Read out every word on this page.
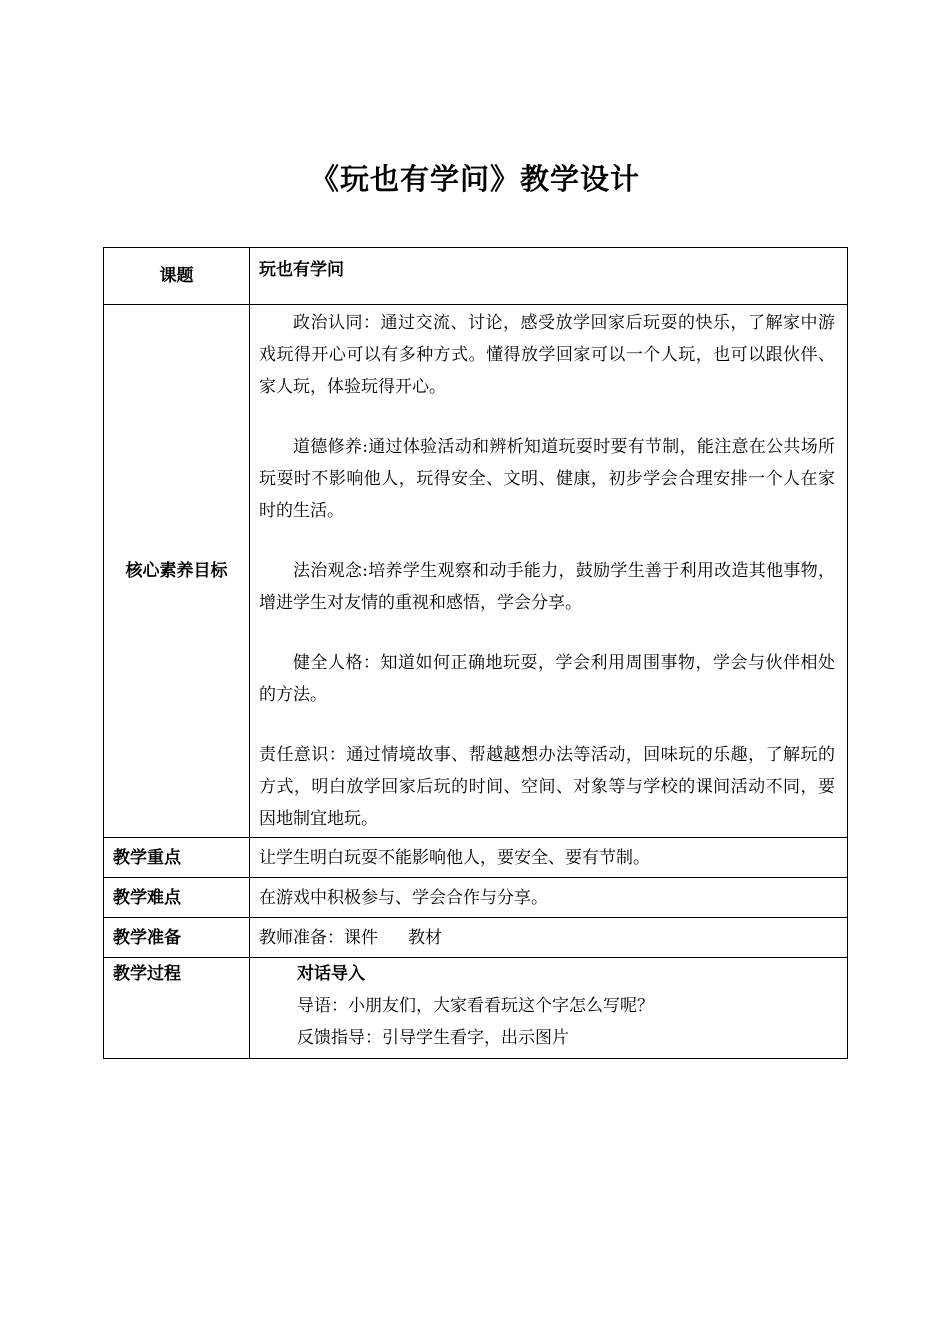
《玩也有学问》教学设计
课题	玩也有学问
核心素养目标	政治认同：通过交流、讨论，感受放学回家后玩耍的快乐，了解家中游戏玩得开心可以有多种方式。懂得放学回家可以一个人玩，也可以跟伙伴、家人玩，体验玩得开心。

道德修养:通过体验活动和辨析知道玩耍时要有节制，能注意在公共场所玩耍时不影响他人，玩得安全、文明、健康，初步学会合理安排一个人在家时的生活。

法治观念:培养学生观察和动手能力，鼓励学生善于利用改造其他事物，增进学生对友情的重视和感悟，学会分享。

健全人格：知道如何正确地玩耍，学会利用周围事物，学会与伙伴相处的方法。

责任意识：通过情境故事、帮越越想办法等活动，回味玩的乐趣，了解玩的方式，明白放学回家后玩的时间、空间、对象等与学校的课间活动不同，要因地制宜地玩。

教学重点	让学生明白玩耍不能影响他人，要安全、要有节制。
教学难点	在游戏中积极参与、学会合作与分享。
教学准备	教师准备：课件 教材
教学过程	对话导入
导语：小朋友们，大家看看玩这个字怎么写呢？
反馈指导：引导学生看字，出示图片
